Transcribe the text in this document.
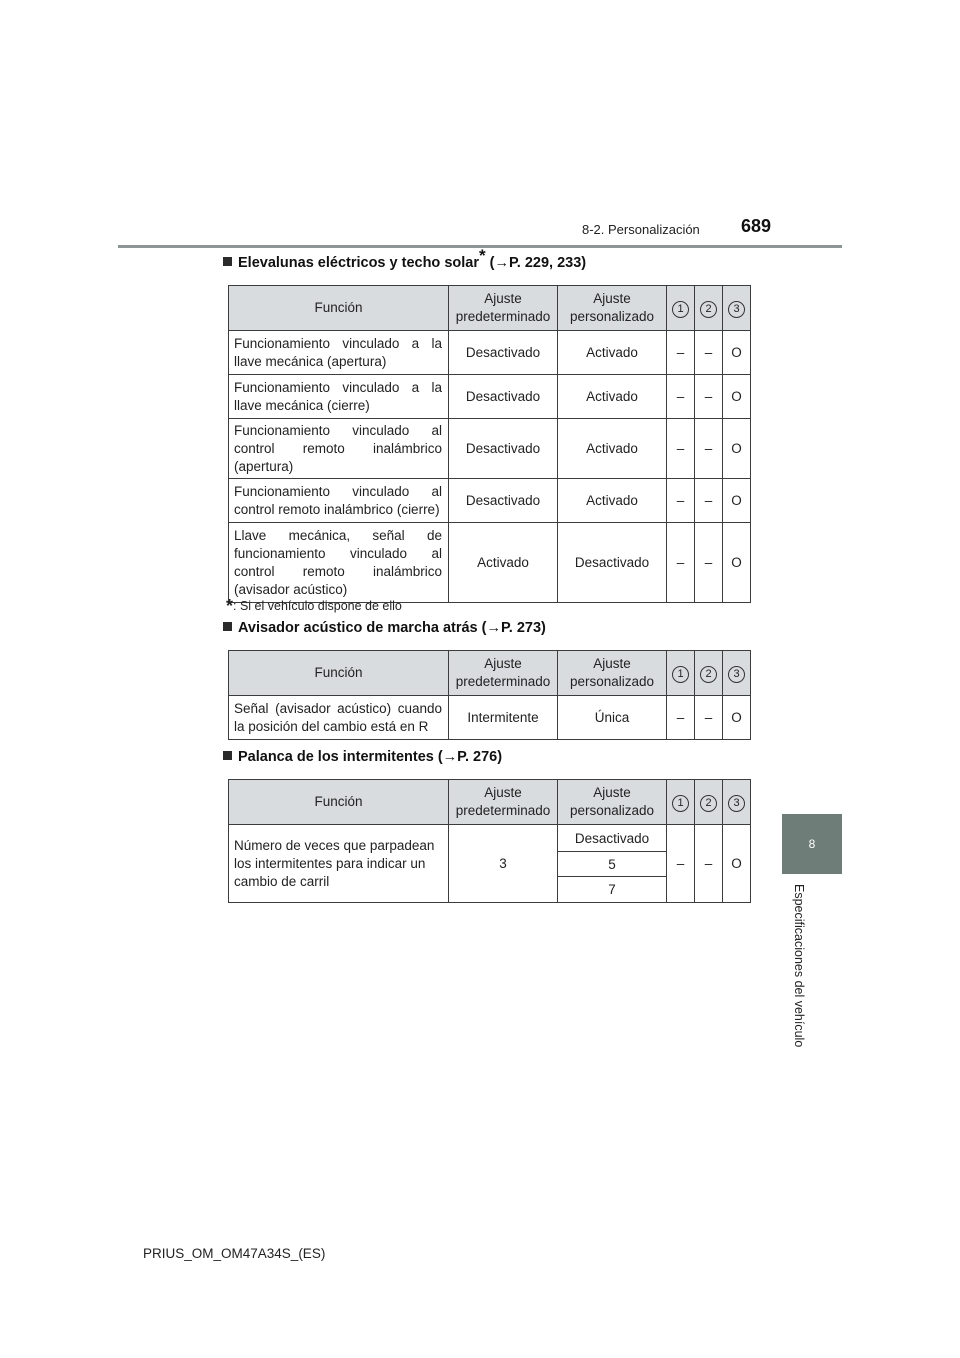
8-2. Personalización 689
8
Especificaciones del vehículo
Elevalunas eléctricos y techo solar* (→P. 229, 233)
Función	Ajuste predeterminado	Ajuste personalizado	1	2	3
Funcionamiento vinculado a la llave mecánica (apertura)	Desactivado	Activado	–	–	O
Funcionamiento vinculado a la llave mecánica (cierre)	Desactivado	Activado	–	–	O
Funcionamiento vinculado al control remoto inalámbrico (apertura)	Desactivado	Activado	–	–	O
Funcionamiento vinculado al control remoto inalámbrico (cierre)	Desactivado	Activado	–	–	O
Llave mecánica, señal de funcionamiento vinculado al control remoto inalámbrico (avisador acústico)	Activado	Desactivado	–	–	O
*: Si el vehículo dispone de ello
Avisador acústico de marcha atrás (→P. 273)
Función	Ajuste predeterminado	Ajuste personalizado	1	2	3
Señal (avisador acústico) cuando la posición del cambio está en R	Intermitente	Única	–	–	O
Palanca de los intermitentes (→P. 276)
Función	Ajuste predeterminado	Ajuste personalizado	1	2	3
Número de veces que parpadean los intermitentes para indicar un cambio de carril	3	Desactivado	–	–	O
		5			
		7			
PRIUS_OM_OM47A34S_(ES)
